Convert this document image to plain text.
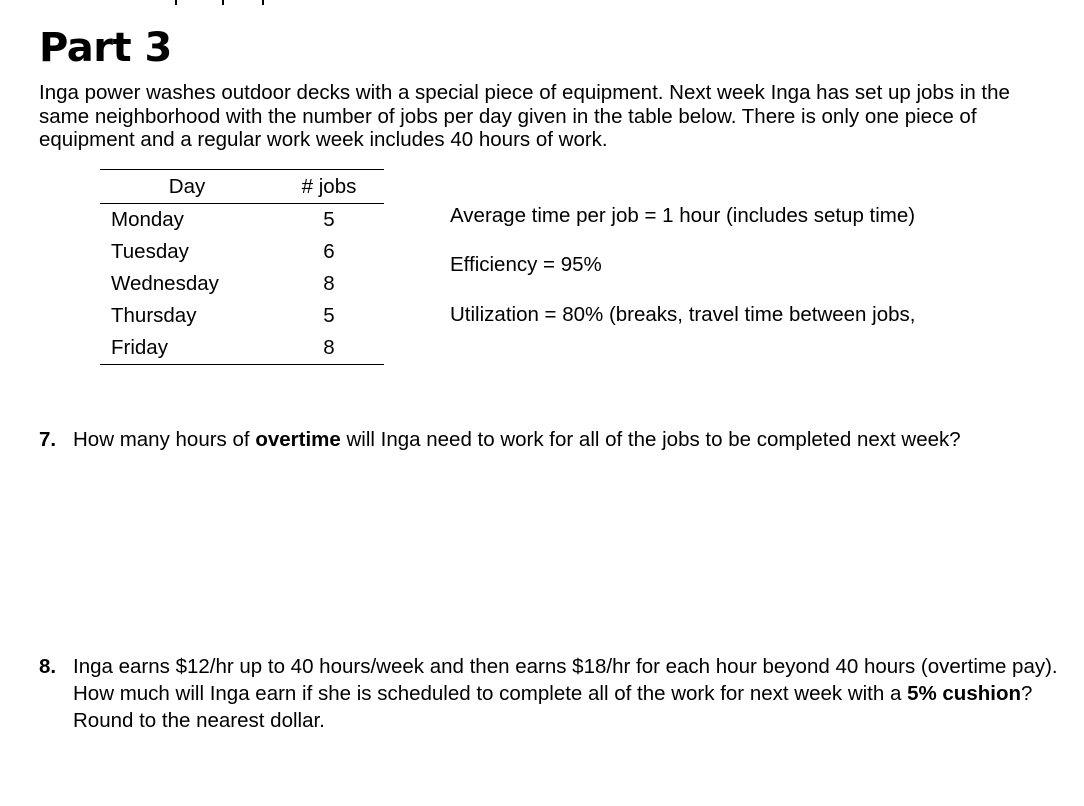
Part 3

Inga power washes outdoor decks with a special piece of equipment. Next week Inga has set up jobs in the same neighborhood with the number of jobs per day given in the table below. There is only one piece of equipment and a regular work week includes 40 hours of work.

Day	# jobs
Monday	5
Tuesday	6
Wednesday	8
Thursday	5
Friday	8

Average time per job = 1 hour (includes setup time)

Efficiency = 95%

Utilization = 80% (breaks, travel time between jobs,

7. How many hours of overtime will Inga need to work for all of the jobs to be completed next week?
8. Inga earns $12/hr up to 40 hours/week and then earns $18/hr for each hour beyond 40 hours (overtime pay). How much will Inga earn if she is scheduled to complete all of the work for next week with a 5% cushion? Round to the nearest dollar.
